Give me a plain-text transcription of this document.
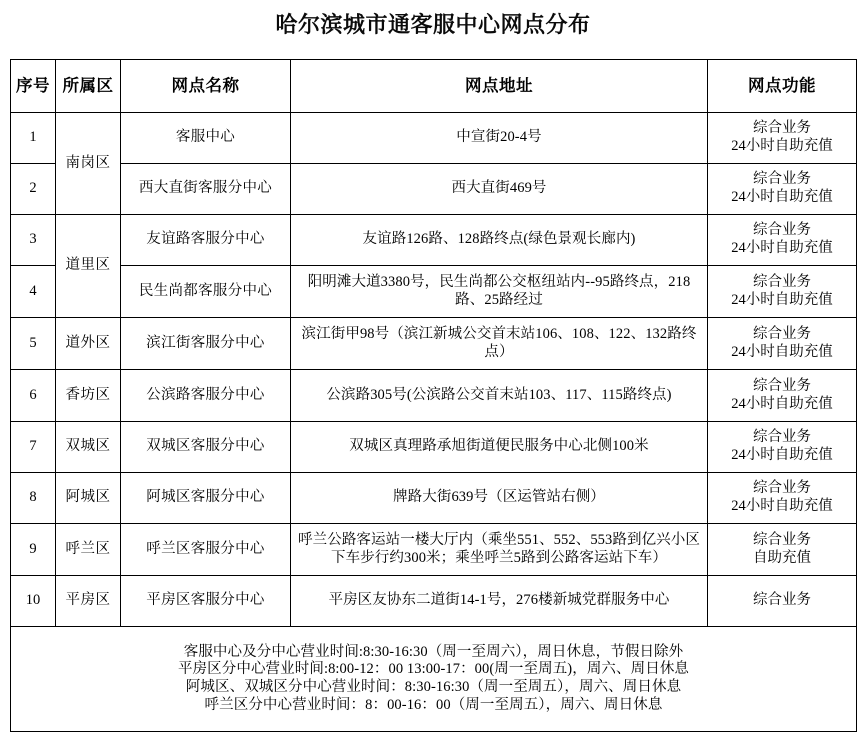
哈尔滨城市通客服中心网点分布
序号	所属区	网点名称	网点地址	网点功能
1	南岗区	客服中心	中宣街20-4号	综合业务
24小时自助充值

2		西大直街客服分中心	西大直街469号	综合业务
24小时自助充值

3	道里区	友谊路客服分中心	友谊路126路、128路终点(绿色景观长廊内)	综合业务
24小时自助充值

4		民生尚都客服分中心	阳明滩大道3380号，民生尚都公交枢纽站内--95路终点，218路、25路经过	综合业务
24小时自助充值

5	道外区	滨江街客服分中心	滨江街甲98号（滨江新城公交首末站106、108、122、132路终点）	综合业务
24小时自助充值

6	香坊区	公滨路客服分中心	公滨路305号(公滨路公交首末站103、117、115路终点)	综合业务
24小时自助充值

7	双城区	双城区客服分中心	双城区真理路承旭街道便民服务中心北侧100米	综合业务
24小时自助充值

8	阿城区	阿城区客服分中心	牌路大街639号（区运管站右侧）	综合业务
24小时自助充值

9	呼兰区	呼兰区客服分中心	呼兰公路客运站一楼大厅内（乘坐551、552、553路到亿兴小区下车步行约300米；乘坐呼兰5路到公路客运站下车）	综合业务
自助充值

10	平房区	平房区客服分中心	平房区友协东二道街14-1号，276楼新城党群服务中心	综合业务

客服中心及分中心营业时间:8:30-16:30（周一至周六），周日休息，节假日除外
平房区分中心营业时间:8:00-12：00 13:00-17：00(周一至周五)，周六、周日休息
阿城区、双城区分中心营业时间：8:30-16:30（周一至周五），周六、周日休息
呼兰区分中心营业时间：8：00-16：00（周一至周五），周六、周日休息				
